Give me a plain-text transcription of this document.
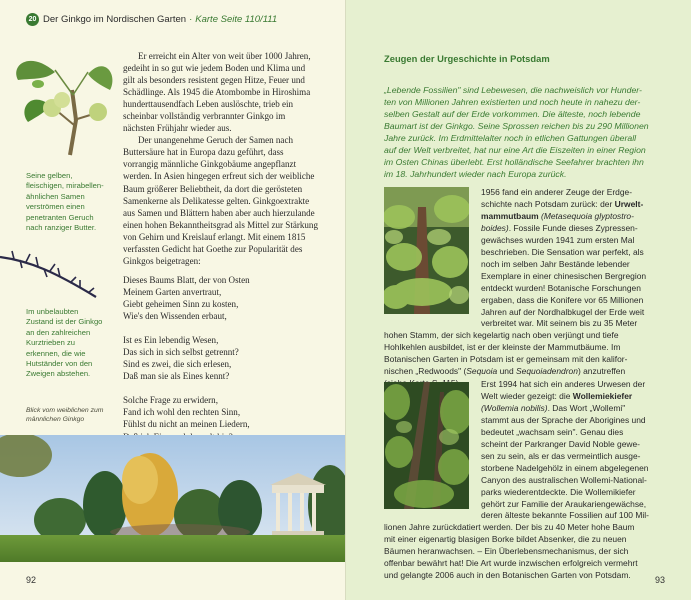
20 Der Ginkgo im Nordischen Garten · Karte Seite 110/111
Seine gelben,
fleischigen, mirabellen-
ähnlichen Samen
verströmen einen
penetranten Geruch
nach ranziger Butter.
Im unbelaubten
Zustand ist der Ginkgo
an den zahlreichen
Kurztrieben zu
erkennen, die wie
Hutständer von den
Zweigen abstehen.
Blick vom weiblichen zum
männlichen Ginkgo

Er erreicht ein Alter von weit über 1000 Jahren, gedeiht in so gut wie jedem Boden und Klima und gilt als besonders resistent gegen Hitze, Feuer und Schädlinge. Als 1945 die Atombombe in Hiroshima hunderttausendfach Leben auslöschte, trieb ein scheinbar vollständig verbrannter Ginkgo im nächsten Frühjahr wieder aus.

Der unangenehme Geruch der Samen nach Buttersäure hat in Europa dazu geführt, dass vorrangig männliche Ginkgobäume angepflanzt werden. In Asien hingegen erfreut sich der weibliche Baum größerer Beliebtheit, da dort die gerösteten Samenkerne als Delikatesse gelten. Ginkgoextrakte aus Samen und Blättern haben aber auch hierzulande einen hohen Bekanntheitsgrad als Mittel zur Stärkung von Gehirn und Kreislauf erlangt. Mit einem 1815 verfassten Gedicht hat Goethe zur Popularität des Ginkgos beigetragen:

Dieses Baums Blatt, der von Osten
Meinem Garten anvertraut,
Giebt geheimen Sinn zu kosten,
Wie's den Wissenden erbaut,
Ist es Ein lebendig Wesen,
Das sich in sich selbst getrennt?
Sind es zwei, die sich erlesen,
Daß man sie als Eines kennt?
Solche Frage zu erwidern,
Fand ich wohl den rechten Sinn,
Fühlst du nicht an meinen Liedern,
92
Zeugen der Urgeschichte in Potsdam
„Lebende Fossilien" sind Lebewesen, die nachweislich vor Hunder-
ten von Millionen Jahren existierten und noch heute in nahezu der-
selben Gestalt auf der Erde vorkommen. Die älteste, noch lebende
Baumart ist der Ginkgo. Seine Sprossen reichen bis zu 290 Millionen
Jahre zurück. Im Erdmittelalter noch in etlichen Gattungen überall
auf der Welt verbreitet, hat nur eine Art die Eiszeiten in einer Region
im Osten Chinas überlebt. Erst holländische Seefahrer brachten ihn
im 18. Jahrhundert wieder nach Europa zurück.
1956 fand ein anderer Zeuge der Erdge-
schichte nach Potsdam zurück: der Urwelt-
mammutbaum (Metasequoia glyptostro-
boides). Fossile Funde dieses Zypressen-
gewächses wurden 1941 zum ersten Mal
beschrieben. Die Sensation war perfekt, als
noch im selben Jahr Bestände lebender
Exemplare in einer chinesischen Bergregion
entdeckt wurden! Botanische Forschungen
ergaben, dass die Konifere vor 65 Millionen
Jahren auf der Nordhalbkugel der Erde weit
verbreitet war. Mit seinem bis zu 35 Meter
hohen Stamm, der sich kegelartig nach oben verjüngt und tiefe
Hohlkehlen ausbildet, ist er der kleinste der Mammutbäume. Im
Botanischen Garten in Potsdam ist er gemeinsam mit den kalifor-
nischen „Redwoods" (Sequoia und Sequoiadendron) anzutreffen
Erst 1994 hat sich ein anderes Urwesen der
Welt wieder gezeigt: die Wollemiekiefer
(Wollemia nobilis). Das Wort „Wollemi"
stammt aus der Sprache der Aborigines und
bedeutet „wachsam sein". Genau dies
scheint der Parkranger David Noble gewe-
sen zu sein, als er das vermeintlich ausge-
storbene Nadelgehölz in einem abgelegenen
Canyon des australischen Wollemi-National-
parks wiederentdeckte. Die Wollemikiefer
gehört zur Familie der Araukariengewächse,
deren älteste bekannte Fossilien auf 100 Mil-
lionen Jahre zurückdatiert werden. Der bis zu 40 Meter hohe Baum
mit einer eigenartig blasigen Borke bildet Absenker, die zu neuen
Bäumen heranwachsen. – Ein Überlebensmechanismus, der sich
offenbar bewährt hat! Die Art wurde inzwischen erfolgreich vermehrt
und gelangte 2006 auch in den Botanischen Garten von Potsdam.
93
